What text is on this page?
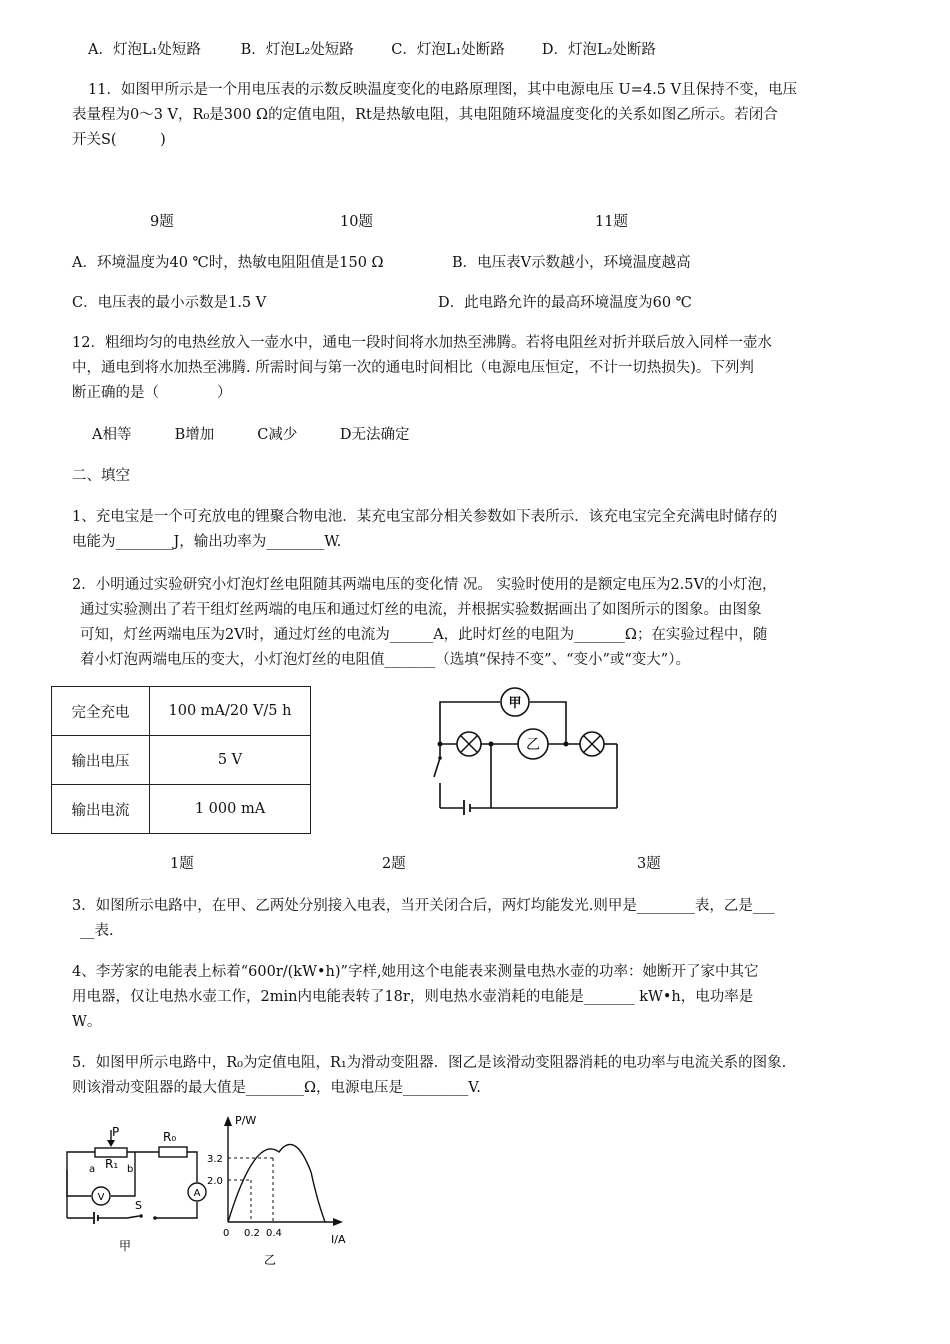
A．灯泡L₁处短路	B．灯泡L₂处短路	C．灯泡L₁处断路	D．灯泡L₂处断路
11．如图甲所示是一个用电压表的示数反映温度变化的电路原理图，其中电源电压 U=4.5 V且保持不变，电压
表量程为0～3 V，R₀是300 Ω的定值电阻，Rt是热敏电阻，其电阻随环境温度变化的关系如图乙所示。若闭合
开关S(　　　)
9题	10题	11题
A．环境温度为40 ℃时，热敏电阻阻值是150 Ω	B．电压表V示数越小，环境温度越高
C．电压表的最小示数是1.5 V	D．此电路允许的最高环境温度为60 ℃
12．粗细均匀的电热丝放入一壶水中，通电一段时间将水加热至沸腾。若将电阻丝对折并联后放入同样一壶水
中，通电到将水加热至沸腾. 所需时间与第一次的通电时间相比（电源电压恒定，不计一切热损失)。下列判
断正确的是（　　　　）
A相等	B增加	C减少	D无法确定
二、填空
1、充电宝是一个可充放电的锂聚合物电池．某充电宝部分相关参数如下表所示．该充电宝完全充满电时储存的
电能为________J，输出功率为________W.
2．小明通过实验研究小灯泡灯丝电阻随其两端电压的变化情 况。 实验时使用的是额定电压为2.5V的小灯泡，
通过实验测出了若干组灯丝两端的电压和通过灯丝的电流，并根据实验数据画出了如图所示的图象。由图象
可知，灯丝两端电压为2V时，通过灯丝的电流为______A，此时灯丝的电阻为_______Ω；在实验过程中，随
着小灯泡两端电压的变大，小灯泡灯丝的电阻值_______（选填“保持不变”、“变小”或“变大”）。
完全充电	100 mA/20 V/5 h
输出电压	5 V
输出电流	1 000 mA
甲
乙
1题	2题	3题
3．如图所示电路中，在甲、乙两处分别接入电表，当开关闭合后，两灯均能发光.则甲是________表，乙是___
__表.
4、李芳家的电能表上标着“600r/(kW•h)”字样,她用这个电能表来测量电热水壶的功率：她断开了家中其它
用电器，仅让电热水壶工作，2min内电能表转了18r，则电热水壶消耗的电能是_______ kW•h，电功率是
W。
5．如图甲所示电路中，R₀为定值电阻，R₁为滑动变阻器．图乙是该滑动变阻器消耗的电功率与电流关系的图象.
则该滑动变阻器的最大值是________Ω，电源电压是_________V.
P	R₀
R₁
a	b
V	A
S
甲
P/W
I/A
0 0.2 0.4
2.0
3.2
乙
